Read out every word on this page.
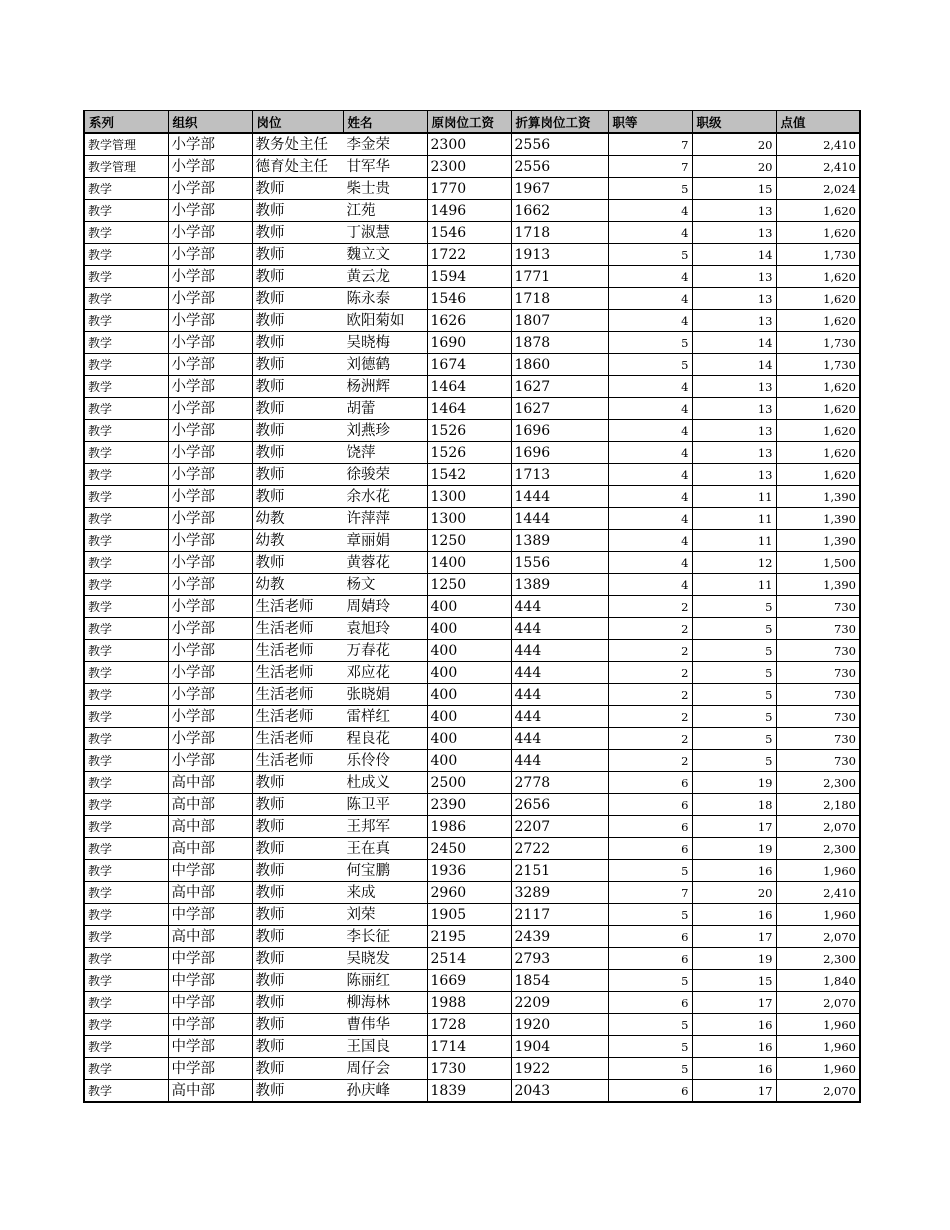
系列	组织	岗位	姓名	原岗位工资	折算岗位工资	职等	职级	点值
教学管理	小学部	教务处主任	李金荣	2300	2556	7	20	2,410
教学管理	小学部	德育处主任	甘军华	2300	2556	7	20	2,410
教学	小学部	教师	柴士贵	1770	1967	5	15	2,024
教学	小学部	教师	江苑	1496	1662	4	13	1,620
教学	小学部	教师	丁淑慧	1546	1718	4	13	1,620
教学	小学部	教师	魏立文	1722	1913	5	14	1,730
教学	小学部	教师	黄云龙	1594	1771	4	13	1,620
教学	小学部	教师	陈永泰	1546	1718	4	13	1,620
教学	小学部	教师	欧阳菊如	1626	1807	4	13	1,620
教学	小学部	教师	吴晓梅	1690	1878	5	14	1,730
教学	小学部	教师	刘德鹤	1674	1860	5	14	1,730
教学	小学部	教师	杨洲辉	1464	1627	4	13	1,620
教学	小学部	教师	胡蕾	1464	1627	4	13	1,620
教学	小学部	教师	刘燕珍	1526	1696	4	13	1,620
教学	小学部	教师	饶萍	1526	1696	4	13	1,620
教学	小学部	教师	徐骏荣	1542	1713	4	13	1,620
教学	小学部	教师	余水花	1300	1444	4	11	1,390
教学	小学部	幼教	许萍萍	1300	1444	4	11	1,390
教学	小学部	幼教	章丽娟	1250	1389	4	11	1,390
教学	小学部	教师	黄蓉花	1400	1556	4	12	1,500
教学	小学部	幼教	杨文	1250	1389	4	11	1,390
教学	小学部	生活老师	周婧玲	400	444	2	5	730
教学	小学部	生活老师	袁旭玲	400	444	2	5	730
教学	小学部	生活老师	万春花	400	444	2	5	730
教学	小学部	生活老师	邓应花	400	444	2	5	730
教学	小学部	生活老师	张晓娟	400	444	2	5	730
教学	小学部	生活老师	雷样红	400	444	2	5	730
教学	小学部	生活老师	程良花	400	444	2	5	730
教学	小学部	生活老师	乐伶伶	400	444	2	5	730
教学	高中部	教师	杜成义	2500	2778	6	19	2,300
教学	高中部	教师	陈卫平	2390	2656	6	18	2,180
教学	高中部	教师	王邦军	1986	2207	6	17	2,070
教学	高中部	教师	王在真	2450	2722	6	19	2,300
教学	中学部	教师	何宝鹏	1936	2151	5	16	1,960
教学	高中部	教师	来成	2960	3289	7	20	2,410
教学	中学部	教师	刘荣	1905	2117	5	16	1,960
教学	高中部	教师	李长征	2195	2439	6	17	2,070
教学	中学部	教师	吴晓发	2514	2793	6	19	2,300
教学	中学部	教师	陈丽红	1669	1854	5	15	1,840
教学	中学部	教师	柳海林	1988	2209	6	17	2,070
教学	中学部	教师	曹伟华	1728	1920	5	16	1,960
教学	中学部	教师	王国良	1714	1904	5	16	1,960
教学	中学部	教师	周仔会	1730	1922	5	16	1,960
教学	高中部	教师	孙庆峰	1839	2043	6	17	2,070
